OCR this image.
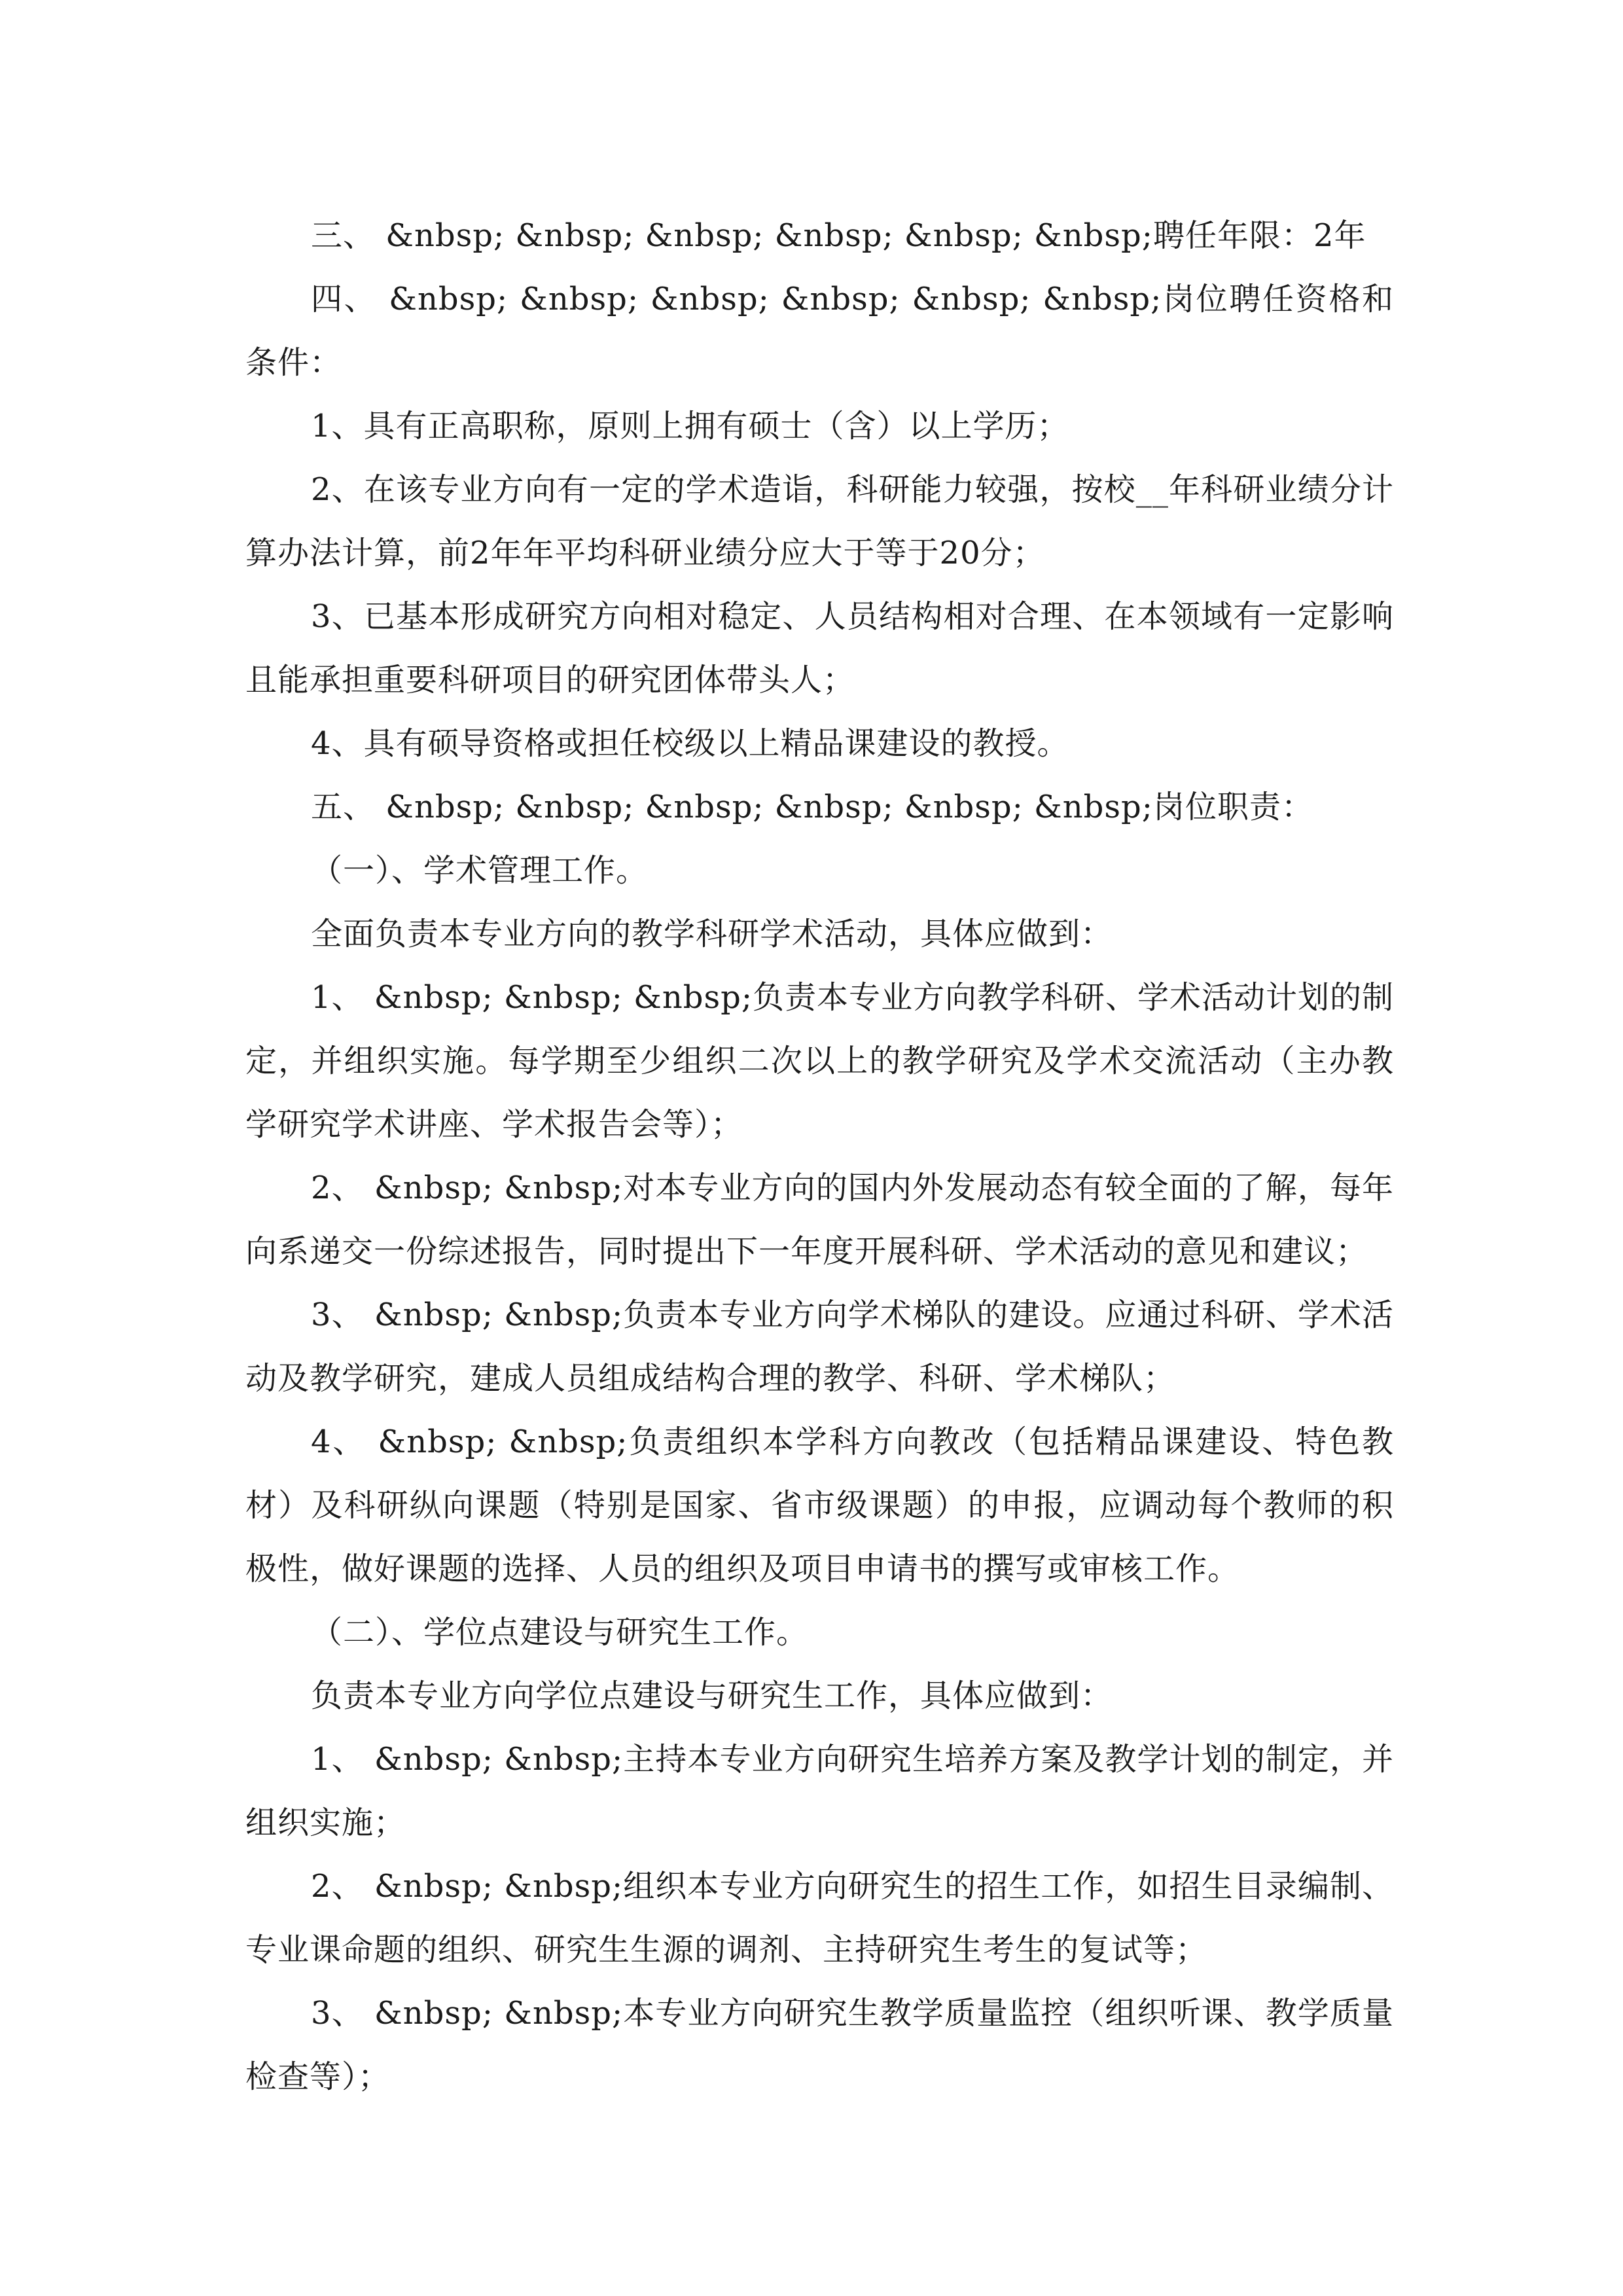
三、 &nbsp; &nbsp; &nbsp; &nbsp; &nbsp; &nbsp;聘任年限：2年

四、 &nbsp; &nbsp; &nbsp; &nbsp; &nbsp; &nbsp;岗位聘任资格和条件：

1、具有正高职称，原则上拥有硕士（含）以上学历；

2、在该专业方向有一定的学术造诣，科研能力较强，按校__年科研业绩分计算办法计算，前2年年平均科研业绩分应大于等于20分；

3、已基本形成研究方向相对稳定、人员结构相对合理、在本领域有一定影响且能承担重要科研项目的研究团体带头人；

4、具有硕导资格或担任校级以上精品课建设的教授。

五、 &nbsp; &nbsp; &nbsp; &nbsp; &nbsp; &nbsp;岗位职责：

（一）、学术管理工作。

全面负责本专业方向的教学科研学术活动，具体应做到：

1、 &nbsp; &nbsp; &nbsp;负责本专业方向教学科研、学术活动计划的制定，并组织实施。每学期至少组织二次以上的教学研究及学术交流活动（主办教学研究学术讲座、学术报告会等）；

2、 &nbsp; &nbsp;对本专业方向的国内外发展动态有较全面的了解，每年向系递交一份综述报告，同时提出下一年度开展科研、学术活动的意见和建议；

3、 &nbsp; &nbsp;负责本专业方向学术梯队的建设。应通过科研、学术活动及教学研究，建成人员组成结构合理的教学、科研、学术梯队；

4、 &nbsp; &nbsp;负责组织本学科方向教改（包括精品课建设、特色教材）及科研纵向课题（特别是国家、省市级课题）的申报，应调动每个教师的积极性，做好课题的选择、人员的组织及项目申请书的撰写或审核工作。

（二）、学位点建设与研究生工作。

负责本专业方向学位点建设与研究生工作，具体应做到：

1、 &nbsp; &nbsp;主持本专业方向研究生培养方案及教学计划的制定，并组织实施；

2、 &nbsp; &nbsp;组织本专业方向研究生的招生工作，如招生目录编制、专业课命题的组织、研究生生源的调剂、主持研究生考生的复试等；

3、 &nbsp; &nbsp;本专业方向研究生教学质量监控（组织听课、教学质量检查等）；
